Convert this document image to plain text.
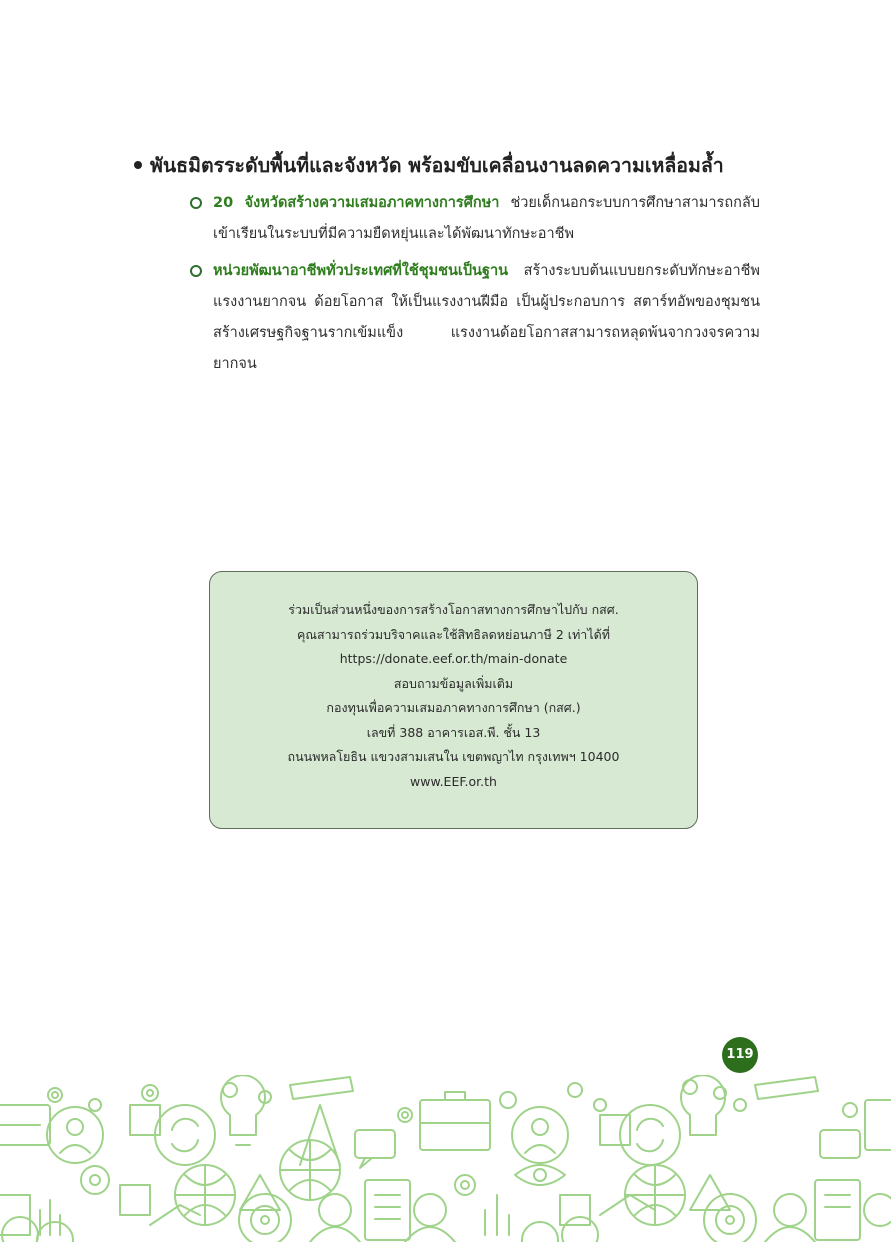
พันธมิตรระดับพื้นที่และจังหวัด พร้อมขับเคลื่อนงานลดความเหลื่อมล้ำ
20 จังหวัดสร้างความเสมอภาคทางการศึกษา ช่วยเด็กนอกระบบการศึกษาสามารถกลับเข้าเรียนในระบบที่มีความยืดหยุ่นและได้พัฒนาทักษะอาชีพ
หน่วยพัฒนาอาชีพทั่วประเทศที่ใช้ชุมชนเป็นฐาน สร้างระบบต้นแบบยกระดับทักษะอาชีพแรงงานยากจน ด้อยโอกาส ให้เป็นแรงงานฝีมือ เป็นผู้ประกอบการ สตาร์ทอัพของชุมชน สร้างเศรษฐกิจฐานรากเข้มแข็ง แรงงานด้อยโอกาสสามารถหลุดพ้นจากวงจรความยากจน
ร่วมเป็นส่วนหนึ่งของการสร้างโอกาสทางการศึกษาไปกับ กสศ.
คุณสามารถร่วมบริจาคและใช้สิทธิลดหย่อนภาษี 2 เท่าได้ที่
https://donate.eef.or.th/main-donate
สอบถามข้อมูลเพิ่มเติม
กองทุนเพื่อความเสมอภาคทางการศึกษา (กสศ.)
เลขที่ 388 อาคารเอส.พี. ชั้น 13
ถนนพหลโยธิน แขวงสามเสนใน เขตพญาไท กรุงเทพฯ 10400
www.EEF.or.th
119
